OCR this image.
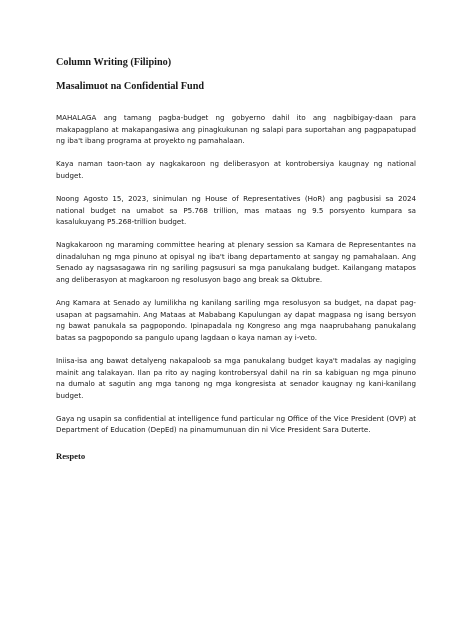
Column Writing (Filipino)
Masalimuot na Confidential Fund

MAHALAGA ang tamang pagba-budget ng gobyerno dahil ito ang nagbibigay-daan para makapagplano at makapangasiwa ang pinagkukunan ng salapi para suportahan ang pagpapatupad ng iba't ibang programa at proyekto ng pamahalaan.

Kaya naman taon-taon ay nagkakaroon ng deliberasyon at kontrobersiya kaugnay ng national budget.

Noong Agosto 15, 2023, sinimulan ng House of Representatives (HoR) ang pagbusisi sa 2024 national budget na umabot sa P5.768 trillion, mas mataas ng 9.5 porsyento kumpara sa kasalukuyang P5.268-trillion budget.

Nagkakaroon ng maraming committee hearing at plenary session sa Kamara de Representantes na dinadaluhan ng mga pinuno at opisyal ng iba't ibang departamento at sangay ng pamahalaan. Ang Senado ay nagsasagawa rin ng sariling pagsusuri sa mga panukalang budget. Kailangang matapos ang deliberasyon at magkaroon ng resolusyon bago ang break sa Oktubre.

Ang Kamara at Senado ay lumilikha ng kanilang sariling mga resolusyon sa budget, na dapat pag-usapan at pagsamahin. Ang Mataas at Mababang Kapulungan ay dapat magpasa ng isang bersyon ng bawat panukala sa pagpopondo. Ipinapadala ng Kongreso ang mga naaprubahang panukalang batas sa pagpopondo sa pangulo upang lagdaan o kaya naman ay i-veto.

Iniisa-isa ang bawat detalyeng nakapaloob sa mga panukalang budget kaya't madalas ay nagiging mainit ang talakayan. Ilan pa rito ay naging kontrobersyal dahil na rin sa kabiguan ng mga pinuno na dumalo at sagutin ang mga tanong ng mga kongresista at senador kaugnay ng kani-kanilang budget.

Gaya ng usapin sa confidential at intelligence fund particular ng Office of the Vice President (OVP) at Department of Education (DepEd) na pinamumunuan din ni Vice President Sara Duterte.

Respeto
